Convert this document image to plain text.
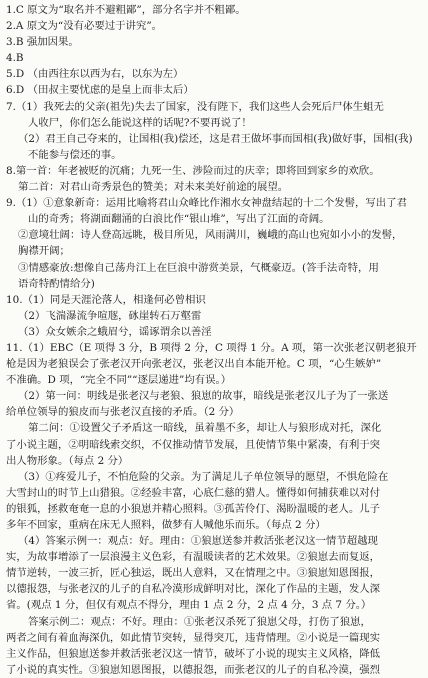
1.C 原文为“取名并不避粗鄙”，部分名字并不粗鄙。
2.A 原文为“没有必要过于讲究”。
3.B 强加因果。
4.B
5.D （由西往东以西为右，以东为左）
6.D （田叔主要忧虑的是皇上而非太后）
7.（1）我死去的父亲(祖先)失去了国家，没有陛下，我们这些人会死后尸体生蛆无
人收尸，你们怎么能说这样的话呢?不要再说了！
（2）君王自己夺来的，让国相(我)偿还，这是君王做坏事而国相(我)做好事，国相(我)
不能参与偿还的事。
8.第一首：年老被贬的沉痛；九死一生、涉险而过的庆幸；即将回到家乡的欢欣。
第二首：对君山奇秀景色的赞美；对未来美好前途的展望。
9.（1）①意象新奇：运用比喻将君山众峰比作湘水女神盘结起的十二个发髻，写出了君
山的奇秀；将湖面翻涌的白浪比作“银山堆”，写出了江面的奇阔。
②意境壮阔：诗人登高远眺，极目所见，风雨满川，巍峨的高山也宛如小小的发髻，
胸襟开阔；
③情感豪放:想像自己荡舟江上在巨浪中游赏美景，气概豪迈。(答手法奇特，用
语奇特酌情给分)
10.（1）同是天涯沦落人，相逢何必曾相识
（2）飞湍瀑流争喧豗，砯崖转石万壑雷
（3）众女嫉余之蛾眉兮，谣诼谓余以善淫
11.（1）EBC（E 项得 3 分，B 项得 2 分，C 项得 1 分。A 项，第一次张老汉朝老狼开
枪是因为老狼误会了张老汉开向张老汉，张老汉出自本能开枪。C 项，“心生嫉妒”
不准确。D 项，“完全不同”“逐层递进”均有误。）
（2）第一问：明线是张老汉与老狼、狼崽的故事，暗线是张老汉儿子为了一张送
给单位领导的狼皮而与张老汉直接的矛盾。（2 分）
第二问：①设置父子矛盾这一暗线，虽着墨不多，却让人与狼形成对托，深化
了小说主题，②明暗线索交织，不仅推动情节发展，且使情节集中紧凑，有利于突
出人物形象。（每点 2 分）
（3）①疼爱儿子，不怕危险的父亲。为了满足儿子单位领导的愿望，不惧危险在
大雪封山的时节上山猎狼。②经验丰富，心底仁慈的猎人。懂得如何捕获难以对付
的银狐，拯救奄奄一息的小狼崽并精心照料。③孤苦伶仃、渴盼温暖的老人。儿子
多年不回家，重病在床无人照料，做梦有人喊他乐而乐。（每点 2 分）
（4）答案示例一：观点：好。理由：①狼崽送参并救活张老汉这一情节超越现
实，为故事增添了一层浪漫主义色彩，有温暖读者的艺术效果。②狼崽去而复返，
情节逆转，一波三折，匠心独运，既出人意料，又在情理之中。③狼崽知恩图报，
以德报怨，与张老汉的儿子的自私冷漠形成鲜明对比，深化了作品的主题，发人深
省。(观点 1 分，但仅有观点不得分，理由 1 点 2 分，2 点 4 分，3 点 7 分。）
答案示例二：观点：不好。理由：①张老汉杀死了狼崽父母，打伤了狼崽，
两者之间有着血海深仇，如此情节突转，显得突兀，违背情理。②小说是一篇现实
主义作品，但狼崽送参并救活张老汉这一情节，破坏了小说的现实主义风格，降低
了小说的真实性。③狼崽知恩图报，以德报怨，而张老汉的儿子的自私冷漠，强烈
